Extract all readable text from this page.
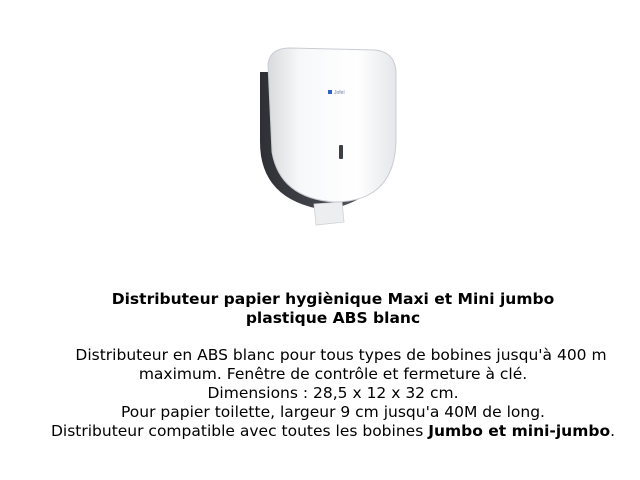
Jofel
Distributeur papier hygiènique Maxi et Mini jumbo
plastique ABS blanc
Distributeur en ABS blanc pour tous types de bobines jusqu'à 400 m
maximum. Fenêtre de contrôle et fermeture à clé.
Dimensions : 28,5 x 12 x 32 cm.
Pour papier toilette, largeur 9 cm jusqu'a 40M de long.
Distributeur compatible avec toutes les bobines Jumbo et mini-jumbo.
